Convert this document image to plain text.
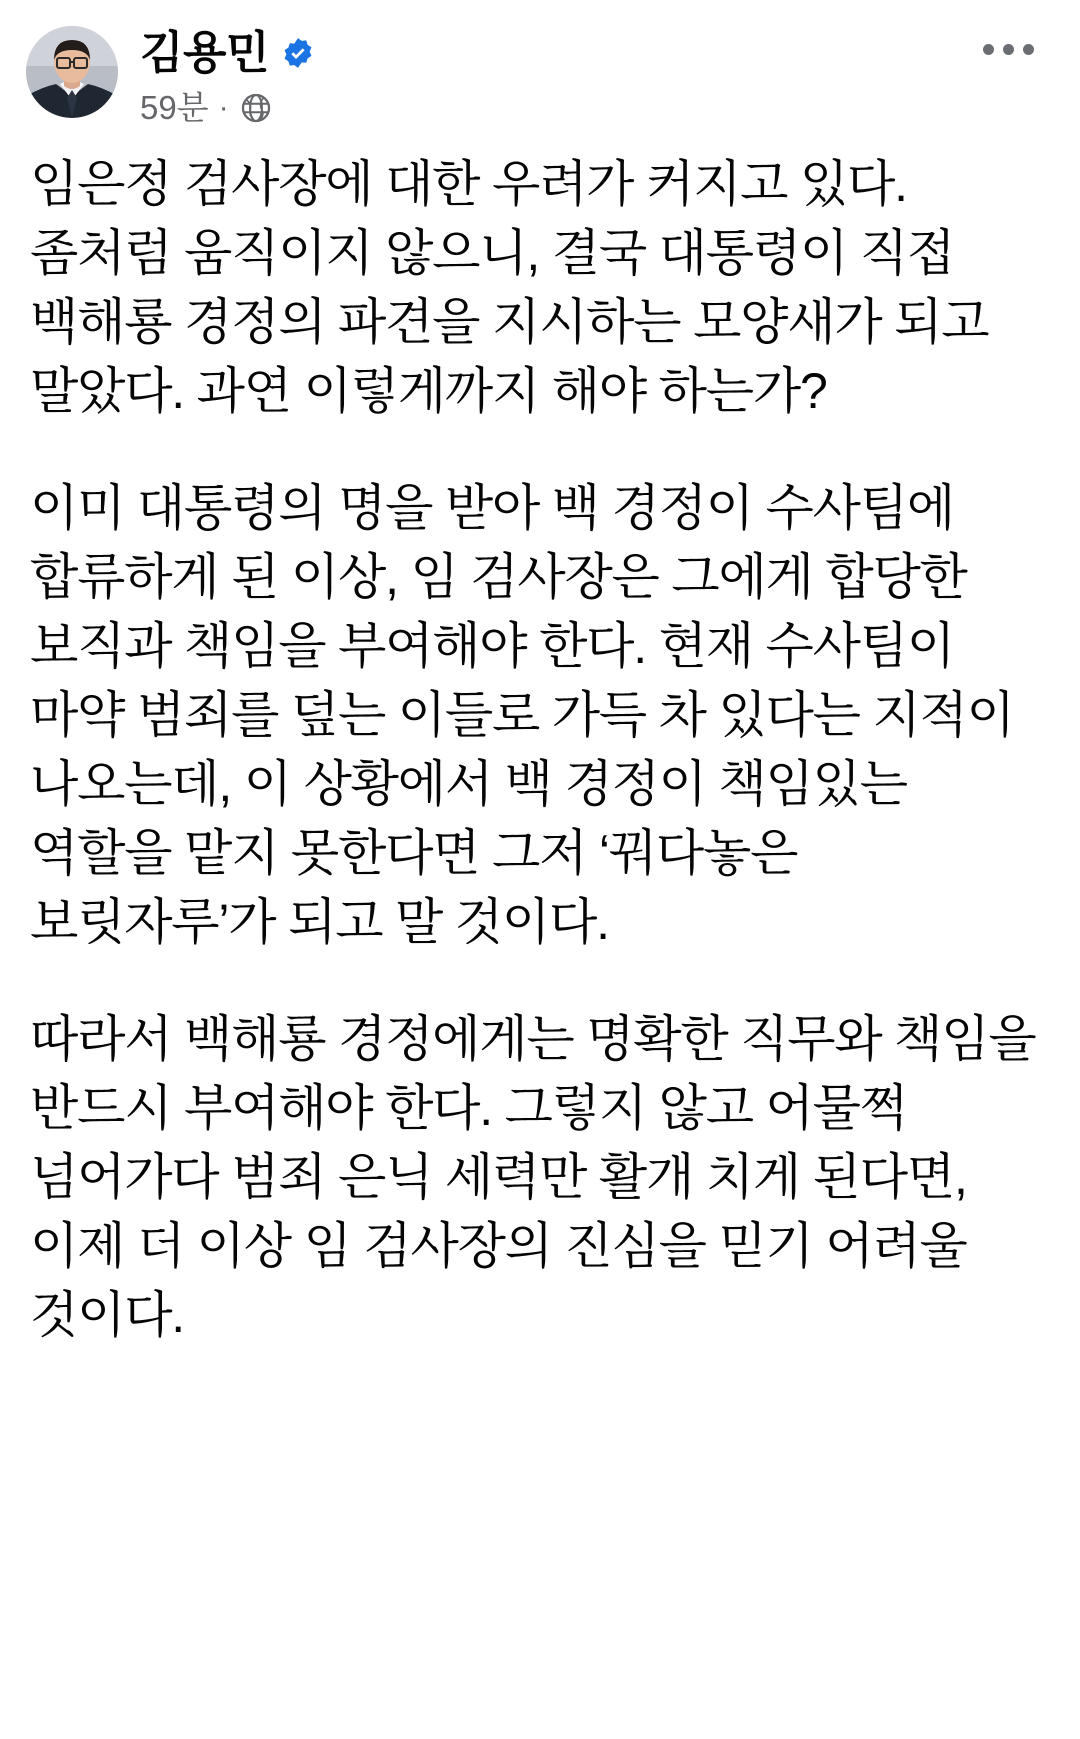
김용민
59분 ·

임은정 검사장에 대한 우려가 커지고 있다. 좀처럼 움직이지 않으니, 결국 대통령이 직접 백해룡 경정의 파견을 지시하는 모양새가 되고 말았다. 과연 이렇게까지 해야 하는가?

이미 대통령의 명을 받아 백 경정이 수사팀에 합류하게 된 이상, 임 검사장은 그에게 합당한 보직과 책임을 부여해야 한다. 현재 수사팀이 마약 범죄를 덮는 이들로 가득 차 있다는 지적이 나오는데, 이 상황에서 백 경정이 책임있는 역할을 맡지 못한다면 그저 ‘꿔다놓은 보릿자루’가 되고 말 것이다.

따라서 백해룡 경정에게는 명확한 직무와 책임을 반드시 부여해야 한다. 그렇지 않고 어물쩍 넘어가다 범죄 은닉 세력만 활개 치게 된다면, 이제 더 이상 임 검사장의 진심을 믿기 어려울 것이다.
